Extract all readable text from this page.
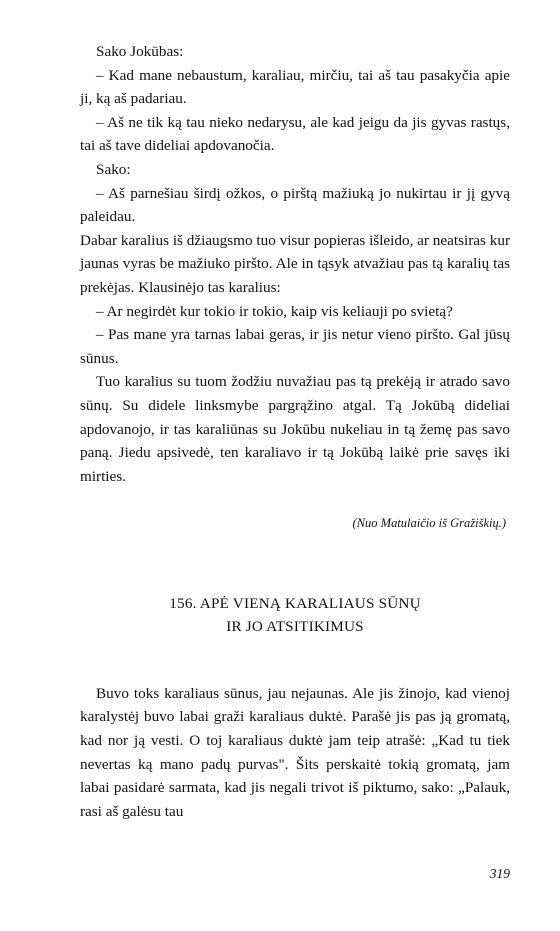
Sako Jokūbas:

– Kad mane nebaustum, karaliau, mirčiu, tai aš tau pasakyčia apie ji, ką aš padariau.

– Aš ne tik ką tau nieko nedarysu, ale kad jeigu da jis gyvas rastųs, tai aš tave dideliai apdovanočia.

Sako:

– Aš parnešiau širdį ožkos, o pirštą mažiuką jo nukirtau ir jį gyvą paleidau.

Dabar karalius iš džiaugsmo tuo visur popieras išleido, ar neatsiras kur jaunas vyras be mažiuko piršto. Ale in tąsyk atvažiau pas tą karalių tas prekėjas. Klausinėjo tas karalius:

– Ar negirdėt kur tokio ir tokio, kaip vis keliauji po svietą?

– Pas mane yra tarnas labai geras, ir jis netur vieno piršto. Gal jūsų sūnus.

Tuo karalius su tuom žodžiu nuvažiau pas tą prekėją ir atrado savo sūnų. Su didele linksmybe pargrąžino atgal. Tą Jokūbą dideliai apdovanojo, ir tas karaliūnas su Jokūbu nukeliau in tą žemę pas savo paną. Jiedu apsivedė, ten karaliavo ir tą Jokūbą laikė prie savęs iki mirties.

(Nuo Matulaičio iš Gražiškių.)

156. APĖ VIENĄ KARALIAUS SŪNŲ
IR JO ATSITIKIMUS

Buvo toks karaliaus sūnus, jau nejaunas. Ale jis žinojo, kad vienoj karalystėj buvo labai graži karaliaus duktė. Parašė jis pas ją gromatą, kad nor ją vesti. O toj karaliaus duktė jam teip atrašė: „Kad tu tiek nevertas ką mano padų purvas". Šits perskaitė tokią gromatą, jam labai pasidarė sarmata, kad jis negali trivot iš piktumo, sako: „Palauk, rasi aš galėsu tau

319
